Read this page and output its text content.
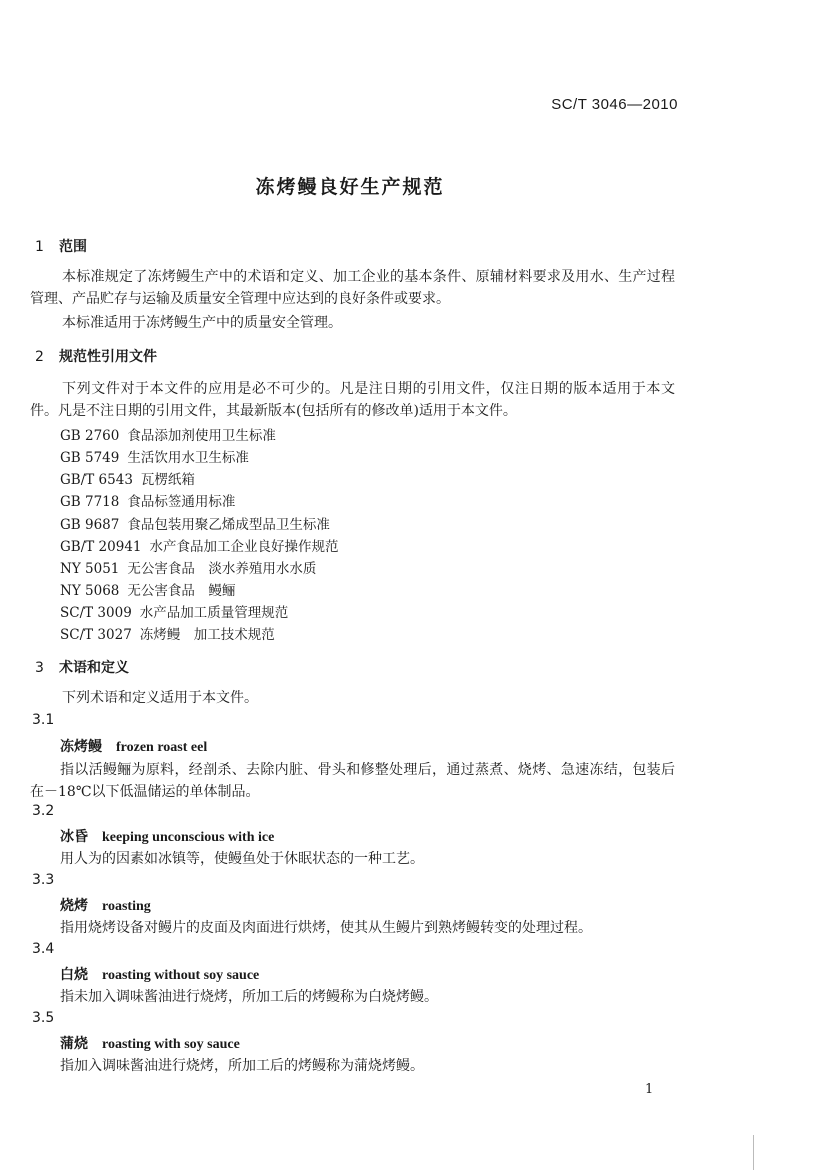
SC/T 3046—2010
冻烤鳗良好生产规范
1 范围
本标准规定了冻烤鳗生产中的术语和定义、加工企业的基本条件、原辅材料要求及用水、生产过程管理、产品贮存与运输及质量安全管理中应达到的良好条件或要求。
本标准适用于冻烤鳗生产中的质量安全管理。
2 规范性引用文件
下列文件对于本文件的应用是必不可少的。凡是注日期的引用文件，仅注日期的版本适用于本文件。凡是不注日期的引用文件，其最新版本(包括所有的修改单)适用于本文件。
GB 2760 食品添加剂使用卫生标准
GB 5749 生活饮用水卫生标准
GB/T 6543 瓦楞纸箱
GB 7718 食品标签通用标准
GB 9687 食品包装用聚乙烯成型品卫生标准
GB/T 20941 水产食品加工企业良好操作规范
NY 5051 无公害食品　淡水养殖用水水质
NY 5068 无公害食品　鳗鲡
SC/T 3009 水产品加工质量管理规范
SC/T 3027 冻烤鳗　加工技术规范
3 术语和定义
下列术语和定义适用于本文件。
3.1
冻烤鳗 frozen roast eel
指以活鳗鲡为原料，经剖杀、去除内脏、骨头和修整处理后，通过蒸煮、烧烤、急速冻结，包装后在－18℃以下低温储运的单体制品。
3.2
冰昏 keeping unconscious with ice
用人为的因素如冰镇等，使鳗鱼处于休眠状态的一种工艺。
3.3
烧烤 roasting
指用烧烤设备对鳗片的皮面及肉面进行烘烤，使其从生鳗片到熟烤鳗转变的处理过程。
3.4
白烧 roasting without soy sauce
指未加入调味酱油进行烧烤，所加工后的烤鳗称为白烧烤鳗。
3.5
蒲烧 roasting with soy sauce
指加入调味酱油进行烧烤，所加工后的烤鳗称为蒲烧烤鳗。
1
